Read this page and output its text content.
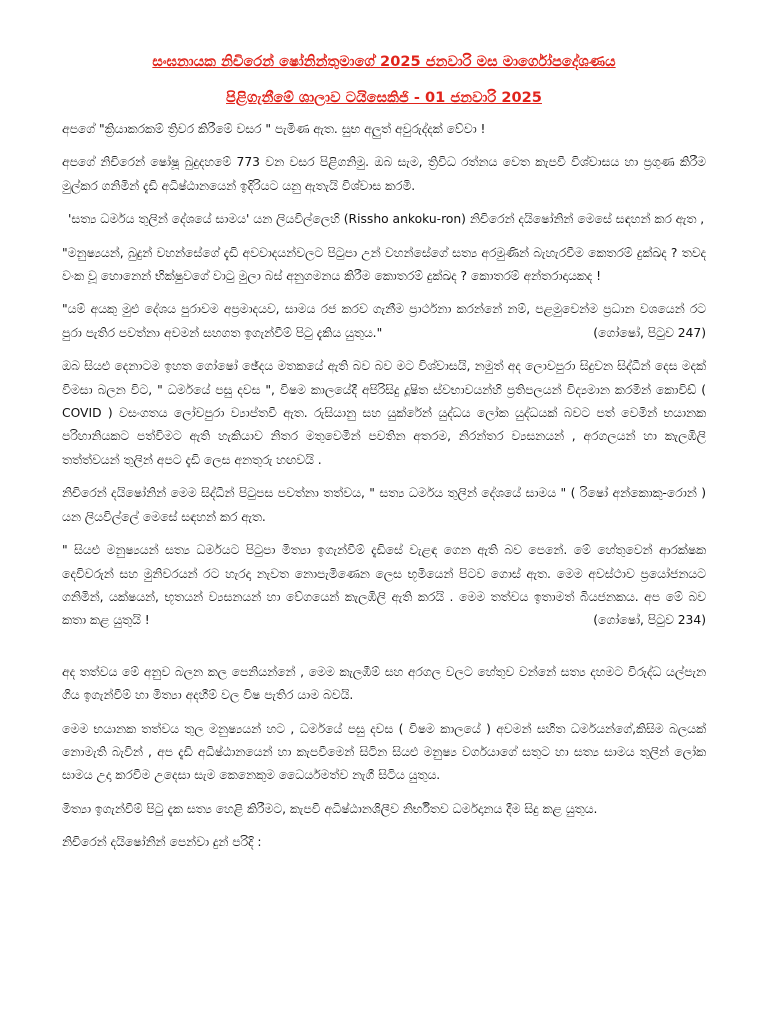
සංඝනායක නිචිරෙන් ෂෝනින්තුමාගේ 2025 ජනවාරි මස මාර්ගෝපදේශණය
පිළිගැනීමේ ශාලාව ටයිසෙකිජි - 01 ජනවාරි 2025

අපගේ "ක්‍රියාකරකම් ත්‍රිවර කිරීමේ වසර " පැමිණ ඇත. සුභ අලුත් අවුරුද්දක් වේවා !

අපගේ නිචිරෙන් ෂෝෂූ බුදුදහමේ 773 වන වසර පිළිගනිමු. ඔබ සැම, ත්‍රිවිධ රත්නය වෙත කැපවී විශ්වාසය හා ප්‍රගුණ කිරීම මුල්කර ගනිමින් දැඩි අධිෂ්ඨානයෙන් ඉදිරියට යනු ඇතැයි විශ්වාස කරමි.

'සත්‍ය ධර්මය තුලින් දේශයේ සාමය' යන ලියවිල්ලෙහි (Rissho ankoku-ron) නිචිරෙන් දයිෂෝනින් මෙසේ සඳහන් කර ඇත ,

"මනුෂ්‍යයන්, බුදුන් වහන්සේගේ දැඩි අවවාදයන්වලට පිටුපා උන් වහන්සේගේ සත්‍ය අරමුණින් බැහැරවීම කෙතරම් දුක්ඛද ? තවද වංක වූ හොනෙන් භික්ෂුවගේ වාටු මුලා බස් අනුගමනය කිරීම කොතරම් දුක්ඛද ? කොතරම් අන්තරාදායකද !

"යම් අයකු මුළු දේශය පුරාවම අප්‍රමාදයව, සාමය රජ කරව ගැනීම ප්‍රාර්ථනා කරන්නේ නම්, පළමුවෙන්ම ප්‍රධාන වශයෙන් රට පුරා පැතිර පවත්නා අවමන් සහගත ඉගැන්වීම් පිටු දැකිය යුතුය."	(ගෝෂෝ, පිටුව 247)

ඔබ සියළු දෙනාටම ඉහත ගෝෂෝ ඡේදය මතකයේ ඇති බව බව මට විශ්වාසයි, නමුත් අද ලොවපුරා සිදුවන සිද්ධීන් දෙස මදක් විමසා බලන විට, " ධර්මයේ පසු දවස ", විෂම කාලයේදී අපිරිසිදු දූෂිත ස්වභාවයන්හි ප්‍රතිපලයන් විද්‍යමාන කරමින් කොවිඩ් ( COVID ) වසංගතය ලෝවපුරා ව්‍යාප්තවී ඇත. රුසියානු සහ යුක්රේන් යුද්ධය ලෝක යුද්ධයක් බවට පත් වෙමින් භයානක පරිහානියකට පත්විමට ඇති හැකියාව නිතර මතුවෙමින් පවතින අතරම, නිරන්තර ව්‍යසනයන් , අරගලයන් හා කැලඹිලි තත්ත්වයන් තුලින් අපට දැඩි ලෙස අනතුරු හඟවයි .

නිචිරෙන් දයිෂෝනින් මෙම සිද්ධීන් පිටුපස පවත්නා තත්වය, " සත්‍ය ධර්මය තුලින් දේශයේ සාමය " ( රිෂෝ අන්කොකු-රොන් ) යන ලියවිල්ලේ මෙසේ සඳහන් කර ඇත.

" සියළු මනුෂ්‍යයන් සත්‍ය ධර්මයට පිටුපා මිත්‍යා ඉගැන්වීම් දැඩිසේ වැළඳ ගෙන ඇති බව පෙනේ. මේ හේතුවෙන් ආරක්ෂක දෙවිවරුන් සහ මුනිවරයන් රට හැරදා නැවත නොපැමිණෙන ලෙස භූමියෙන් පිටව ගොස් ඇත. මෙම අවස්ථාව ප්‍රයෝජනයට ගනිමින්, යක්ෂයන්, භූතයන් ව්‍යසනයන් හා වේගයෙන් කැලඹිලි ඇති කරයි . මෙම තත්වය ඉතාමත් බියජනකය. අප මේ බව කතා කළ යුතුයි !	(ගෝෂෝ, පිටුව 234)

අද තත්වය මේ අනුව බලන කල පෙනියන්නේ , මෙම කැලඹීම් සහ අරගල වලට හේතුව වන්නේ සත්‍ය දහමට විරුද්ධ යල්පැන ගිය ඉගැන්වීම් හා මිත්‍යා අදහීම් වල විෂ පැතිර යාම බවයි.

මෙම භයානක තත්වය තුල මනුෂ්‍යයන් හට , ධර්මයේ පසු දවස ( විෂම කාලයේ ) අවමන් සහිත ධර්මයන්ගේ,කිසිම බලයක් නොමැති බැවින් , අප දැඩි අධිෂ්ඨානයෙන් හා කැපවීමෙන් සිටින සියළු මනුෂ්‍ය වර්ගයාගේ සතුට හා සත්‍ය සාමය තුලින් ලෝක සාමය උදා කරවීම උදෙසා සැම කෙනෙකුම ධෛර්යමත්ව නැගී සිටිය යුතුය.

මිත්‍යා ඉගැන්වීම් පිටු දැක සත්‍ය හෙළි කිරීමට, කැපවී අධිෂ්ඨානශිලීව නිර්භීතව ධර්මදානය දීම සිදු කළ යුතුය.

නිචිරෙන් දයිෂෝනින් පෙන්වා දුන් පරිදි :
